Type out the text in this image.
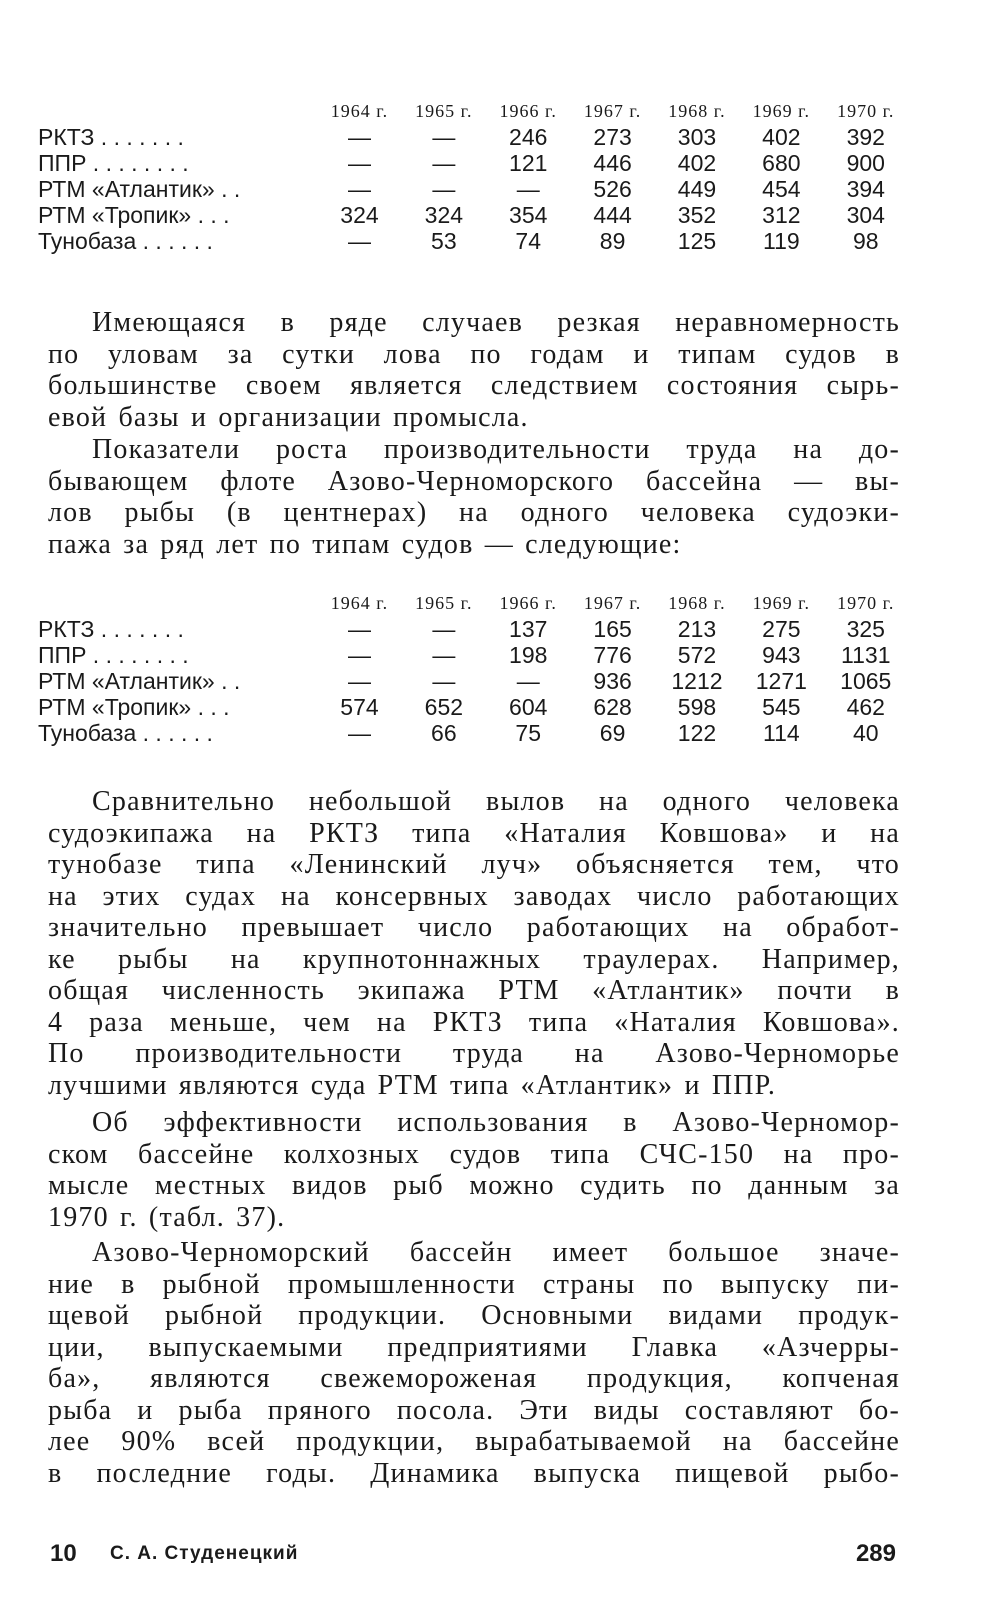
	1964 г.	1965 г.	1966 г.	1967 г.	1968 г.	1969 г.	1970 г.
РКТЗ . . . . . . .	—	—	246	273	303	402	392
ППР . . . . . . . .	—	—	121	446	402	680	900
РТМ «Атлантик» . .	—	—	—	526	449	454	394
РТМ «Тропик» . . .	324	324	354	444	352	312	304
Тунобаза . . . . . .	—	53	74	89	125	119	98
Имеющаяся в ряде случаев резкая неравномерность
по уловам за сутки лова по годам и типам судов в
большинстве своем является следствием состояния сырь-
евой базы и организации промысла.
Показатели роста производительности труда на до-
бывающем флоте Азово-Черноморского бассейна — вы-
лов рыбы (в центнерах) на одного человека судоэки-
пажа за ряд лет по типам судов — следующие:
	1964 г.	1965 г.	1966 г.	1967 г.	1968 г.	1969 г.	1970 г.
РКТЗ . . . . . . .	—	—	137	165	213	275	325
ППР . . . . . . . .	—	—	198	776	572	943	1131
РТМ «Атлантик» . .	—	—	—	936	1212	1271	1065
РТМ «Тропик» . . .	574	652	604	628	598	545	462
Тунобаза . . . . . .	—	66	75	69	122	114	40
Сравнительно небольшой вылов на одного человека
судоэкипажа на РКТЗ типа «Наталия Ковшова» и на
тунобазе типа «Ленинский луч» объясняется тем, что
на этих судах на консервных заводах число работающих
значительно превышает число работающих на обработ-
ке рыбы на крупнотоннажных траулерах. Например,
общая численность экипажа РТМ «Атлантик» почти в
4 раза меньше, чем на РКТЗ типа «Наталия Ковшова».
По производительности труда на Азово-Черноморье
лучшими являются суда РТМ типа «Атлантик» и ППР.
Об эффективности использования в Азово-Черномор-
ском бассейне колхозных судов типа СЧС-150 на про-
мысле местных видов рыб можно судить по данным за
1970 г. (табл. 37).
Азово-Черноморский бассейн имеет большое значе-
ние в рыбной промышленности страны по выпуску пи-
щевой рыбной продукции. Основными видами продук-
ции, выпускаемыми предприятиями Главка «Азчерры-
ба», являются свежемороженая продукция, копченая
рыба и рыба пряного посола. Эти виды составляют бо-
лее 90% всей продукции, вырабатываемой на бассейне
в последние годы. Динамика выпуска пищевой рыбо-
10 С. А. Студенецкий	289
